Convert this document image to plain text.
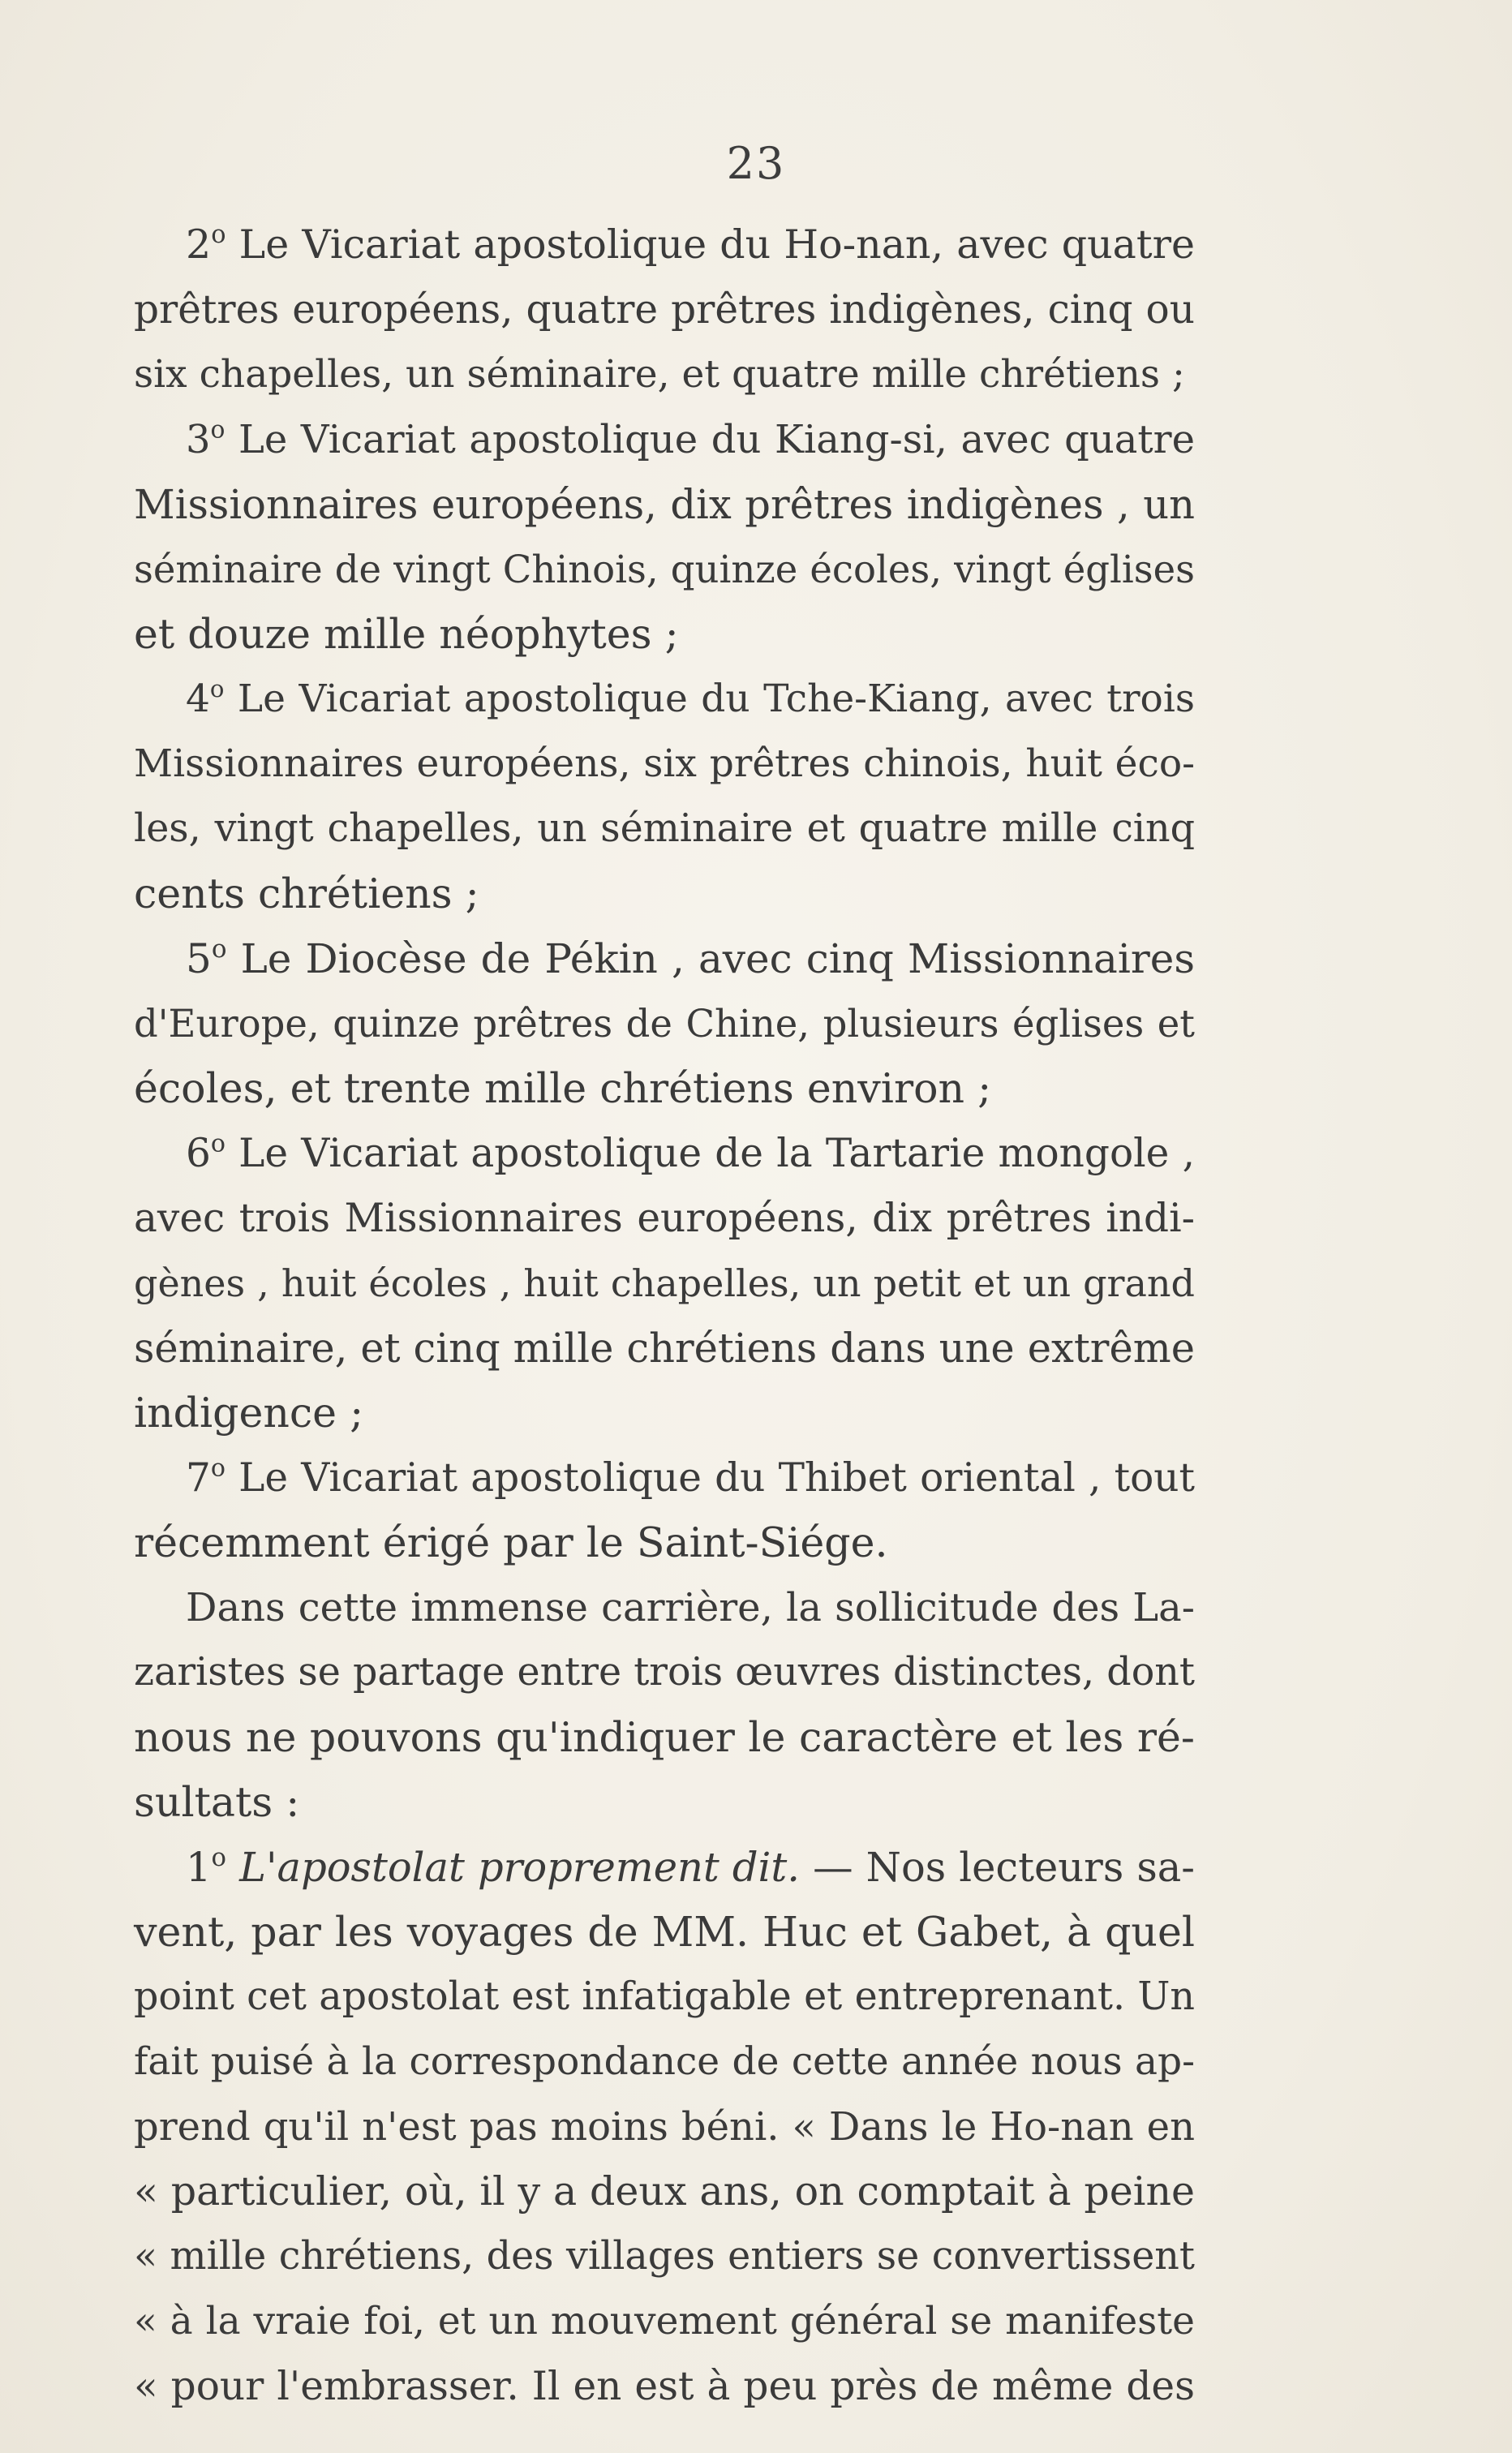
23
2$^o$ Le Vicariat apostolique du Ho-nan, avec quatre
prêtres européens, quatre prêtres indigènes, cinq ou
six chapelles, un séminaire, et quatre mille chrétiens ;
3$^o$ Le Vicariat apostolique du Kiang-si, avec quatre
Missionnaires européens, dix prêtres indigènes , un
séminaire de vingt Chinois, quinze écoles, vingt églises
et douze mille néophytes ;
4$^o$ Le Vicariat apostolique du Tche-Kiang, avec trois
Missionnaires européens, six prêtres chinois, huit éco-
les, vingt chapelles, un séminaire et quatre mille cinq
cents chrétiens ;
5$^o$ Le Diocèse de Pékin , avec cinq Missionnaires
d'Europe, quinze prêtres de Chine, plusieurs églises et
écoles, et trente mille chrétiens environ ;
6$^o$ Le Vicariat apostolique de la Tartarie mongole ,
avec trois Missionnaires européens, dix prêtres indi-
gènes , huit écoles , huit chapelles, un petit et un grand
séminaire, et cinq mille chrétiens dans une extrême
indigence ;
7$^o$ Le Vicariat apostolique du Thibet oriental , tout
récemment érigé par le Saint-Siége.
Dans cette immense carrière, la sollicitude des La-
zaristes se partage entre trois œuvres distinctes, dont
nous ne pouvons qu'indiquer le caractère et les ré-
sultats :
1$^o$ L'apostolat proprement dit. — Nos lecteurs sa-
vent, par les voyages de MM. Huc et Gabet, à quel
point cet apostolat est infatigable et entreprenant. Un
fait puisé à la correspondance de cette année nous ap-
prend qu'il n'est pas moins béni. « Dans le Ho-nan en
« particulier, où, il y a deux ans, on comptait à peine
« mille chrétiens, des villages entiers se convertissent
« à la vraie foi, et un mouvement général se manifeste
« pour l'embrasser. Il en est à peu près de même des
